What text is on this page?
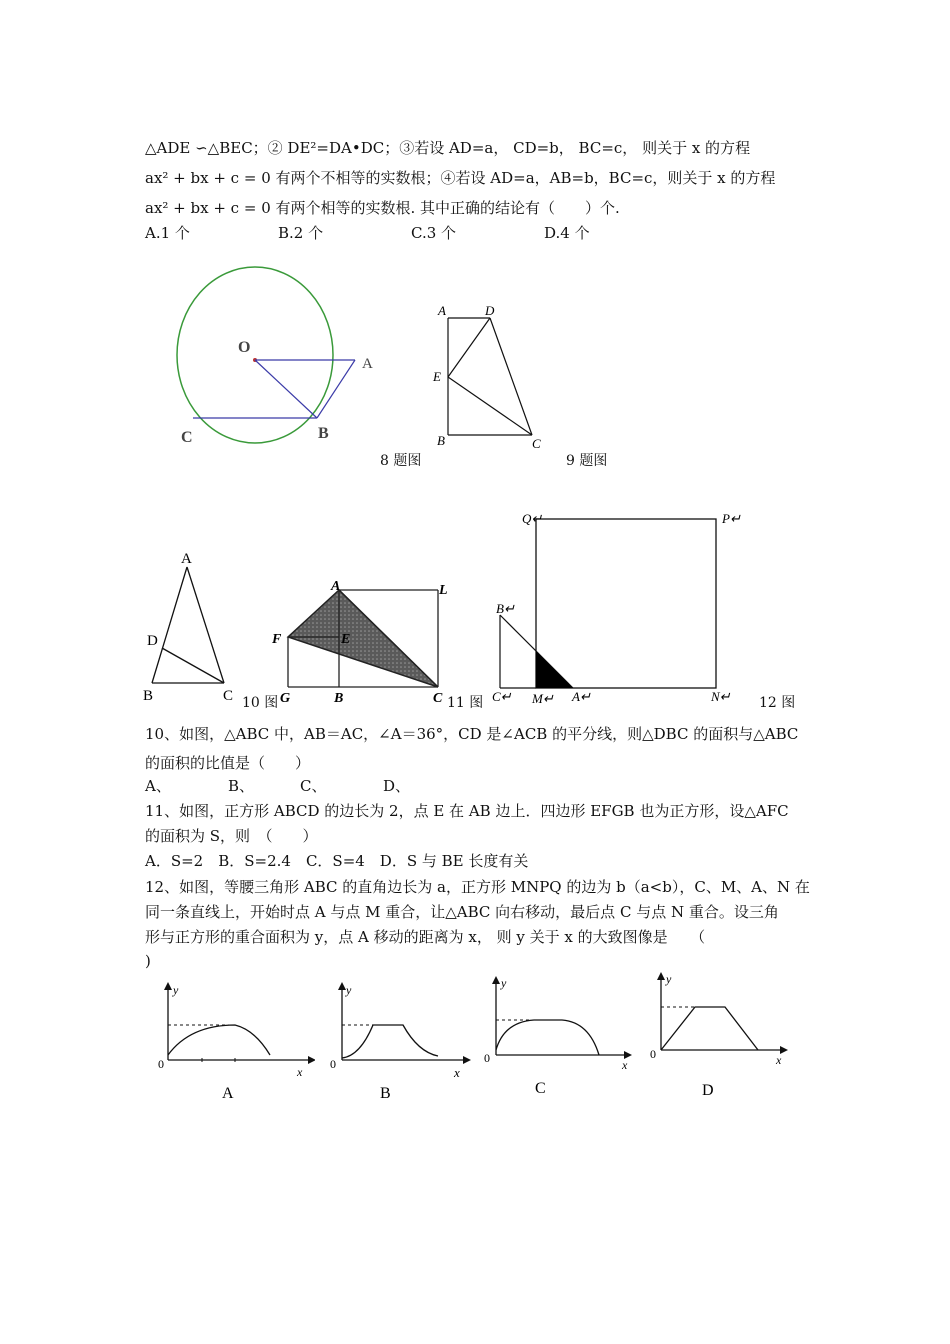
△ADE ∽△BEC；② DE²=DA•DC；③若设 AD=a， CD=b， BC=c， 则关于 x 的方程
ax² + bx + c = 0 有两个不相等的实数根；④若设 AD=a，AB=b，BC=c，则关于 x 的方程
ax² + bx + c = 0 有两个相等的实数根. 其中正确的结论有（　　）个.
A.1 个	B.2 个	C.3 个	D.4 个
O
A
B
C
8 题图
A	D
E
B	C
9 题图
A
D
B	C 10 图
A	L
F	E
G	B	C 11 图
Q↵	P↵
B↵
C↵ M↵ A↵	N↵ 12 图
10、如图，△ABC 中，AB＝AC，∠A＝36°，CD 是∠ACB 的平分线，则△DBC 的面积与△ABC
的面积的比值是（　　）
A、	B、	C、	D、
11、如图，正方形 ABCD 的边长为 2，点 E 在 AB 边上．四边形 EFGB 也为正方形，设△AFC
的面积为 S，则　（　　）
A．S=2　B．S=2.4　C．S=4　D．S 与 BE 长度有关
12、如图，等腰三角形 ABC 的直角边长为 a，正方形 MNPQ 的边为 b（a<b），C、M、A、N 在
同一条直线上，开始时点 A 与点 M 重合，让△ABC 向右移动，最后点 C 与点 N 重合。设三角
形与正方形的重合面积为 y，点 A 移动的距离为 x， 则 y 关于 x 的大致图像是　　（
)
y
x
0
A
y
x
0
B
y
x
0
C
y
x
0
D
